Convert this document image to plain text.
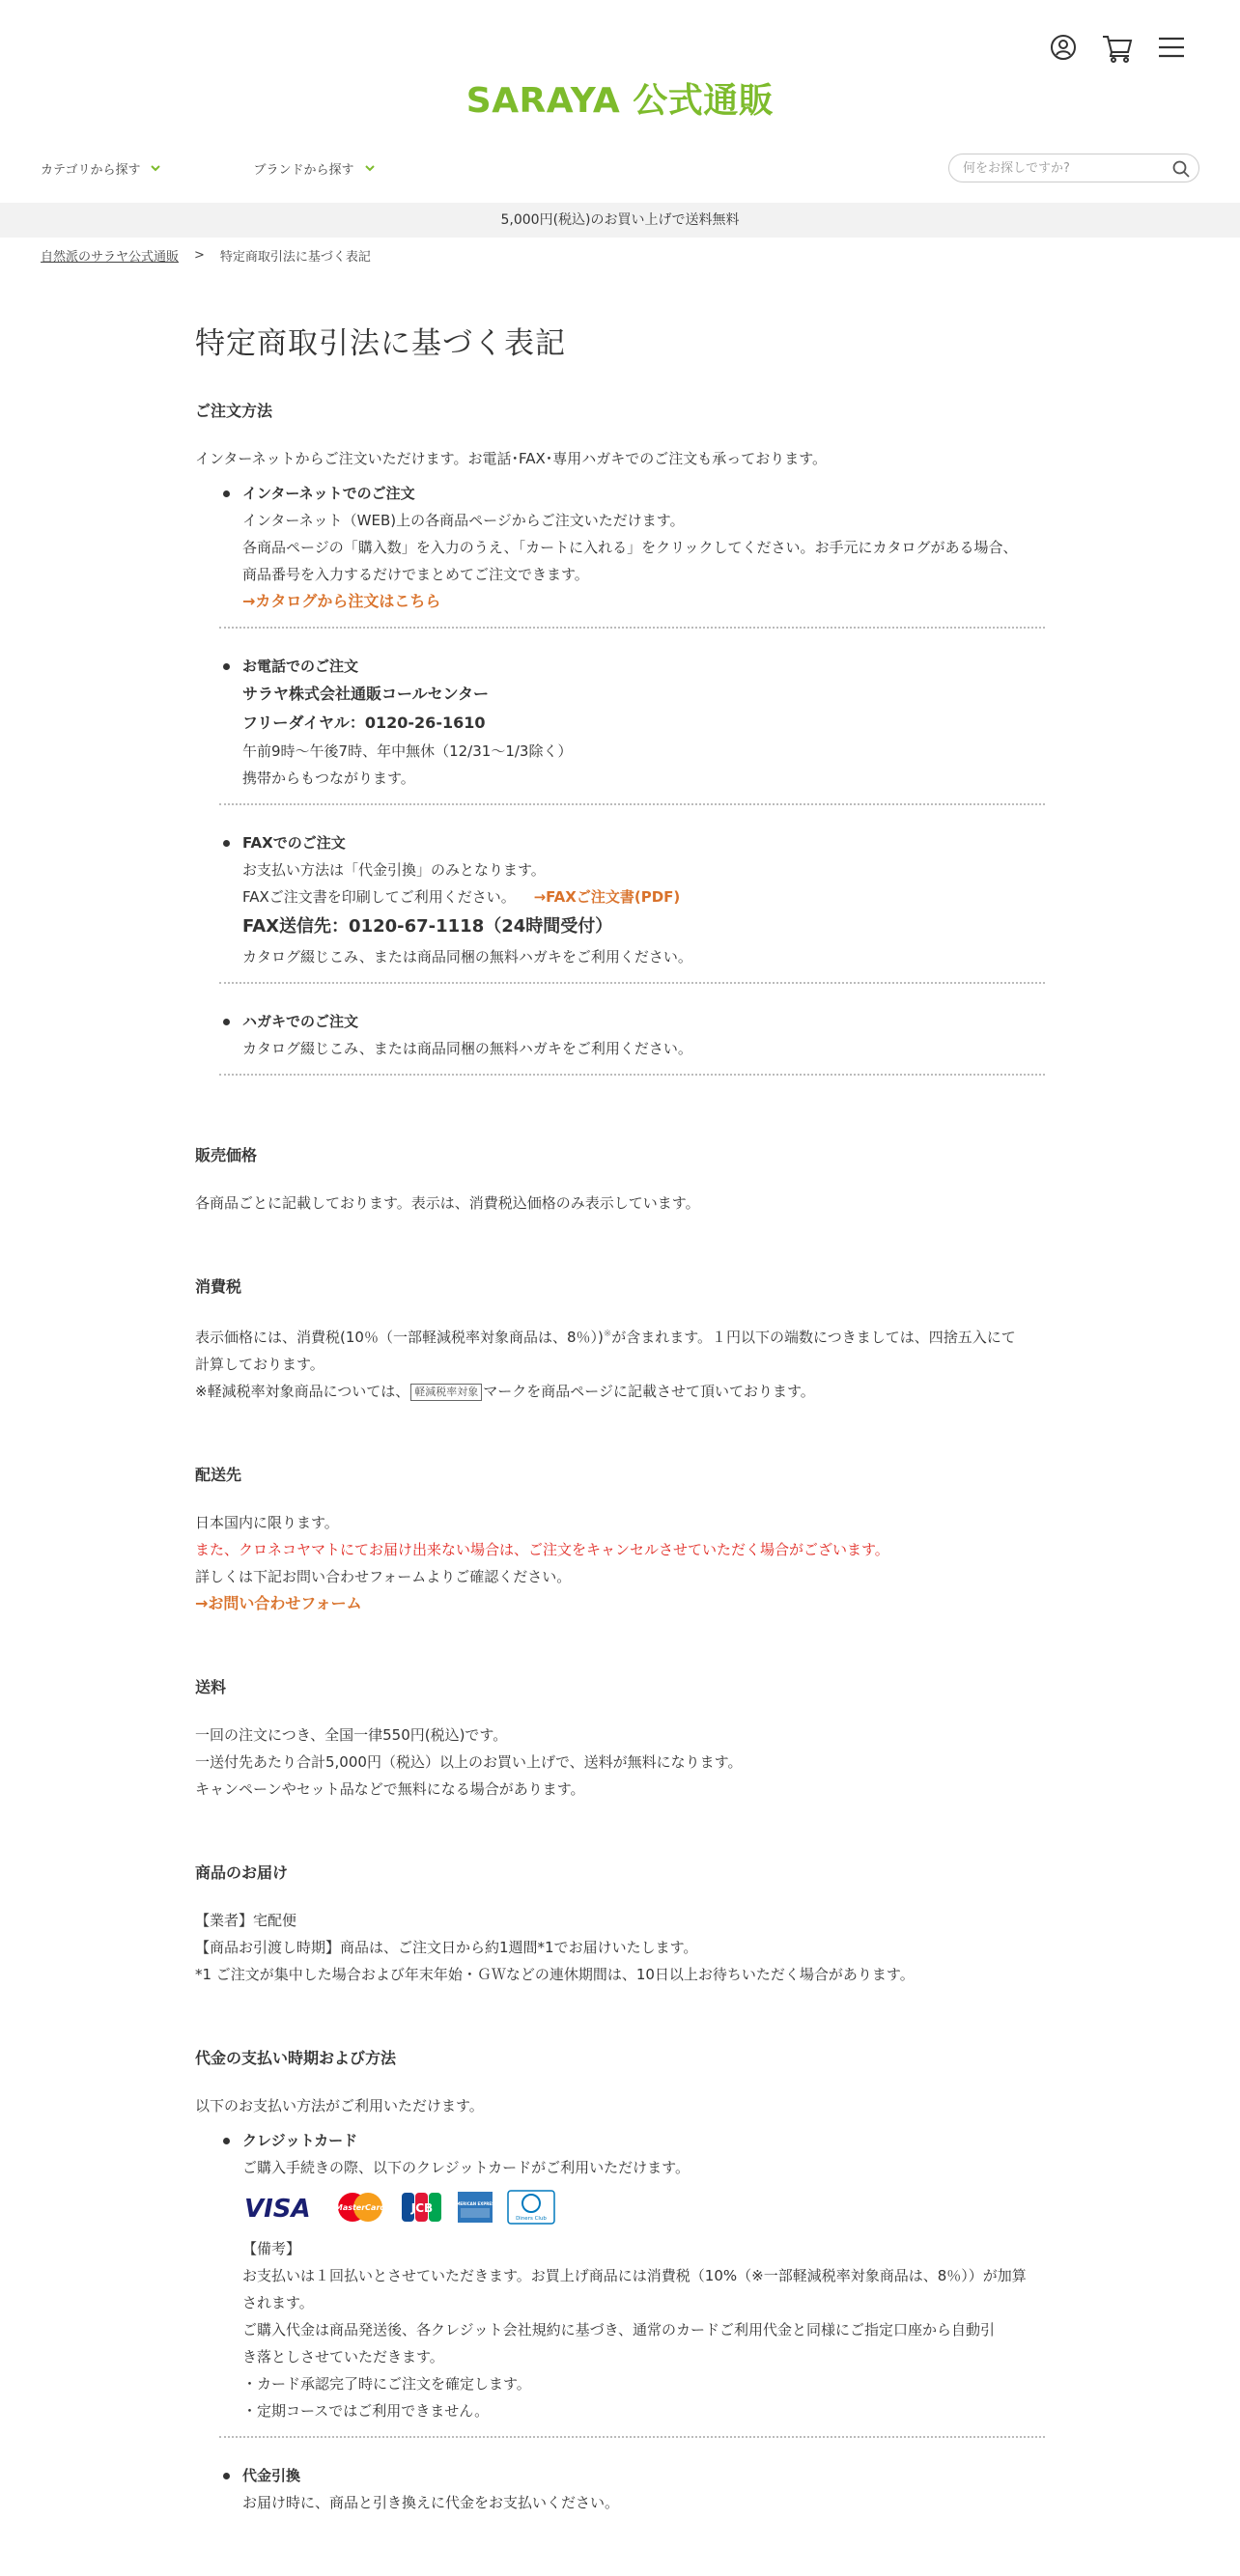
SARAYA 公式通販
カテゴリから探す	ブランドから探す
何をお探しですか?
5,000円(税込)のお買い上げで送料無料
自然派のサラヤ公式通販 > 特定商取引法に基づく表記
特定商取引法に基づく表記
ご注文方法

インターネットからご注文いただけます。お電話･FAX･専用ハガキでのご注文も承っております。

インターネットでのご注文
インターネット（WEB)上の各商品ページからご注文いただけます。
各商品ページの「購入数」を入力のうえ、「カートに入れる」をクリックしてください。お手元にカタログがある場合、
商品番号を入力するだけでまとめてご注文できます。
→カタログから注文はこちら
お電話でのご注文
サラヤ株式会社通販コールセンター
フリーダイヤル：0120-26-1610
午前9時～午後7時、年中無休（12/31～1/3除く）
携帯からもつながります。
FAXでのご注文
お支払い方法は「代金引換」のみとなります。
FAXご注文書を印刷してご利用ください。 →FAXご注文書(PDF)
FAX送信先：0120-67-1118（24時間受付）
カタログ綴じこみ、または商品同梱の無料ハガキをご利用ください。
ハガキでのご注文
カタログ綴じこみ、または商品同梱の無料ハガキをご利用ください。
販売価格

各商品ごとに記載しております。表示は、消費税込価格のみ表示しています。

消費税

表示価格には、消費税(10％（一部軽減税率対象商品は、8％）)※が含まれます。１円以下の端数につきましては、四捨五入にて

計算しております。

※軽減税率対象商品については、 軽減税率対象 マークを商品ページに記載させて頂いております。

配送先

日本国内に限ります。

また、クロネコヤマトにてお届け出来ない場合は、ご注文をキャンセルさせていただく場合がございます。

詳しくは下記お問い合わせフォームよりご確認ください。

→お問い合わせフォーム

送料

一回の注文につき、全国一律550円(税込)です。

一送付先あたり合計5,000円（税込）以上のお買い上げで、送料が無料になります。

キャンペーンやセット品などで無料になる場合があります。

商品のお届け

【業者】宅配便

【商品お引渡し時期】商品は、ご注文日から約1週間*1でお届けいたします。

*1 ご注文が集中した場合および年末年始・ＧＷなどの連休期間は、10日以上お待ちいただく場合があります。

代金の支払い時期および方法

以下のお支払い方法がご利用いただけます。

クレジットカード
ご購入手続きの際、以下のクレジットカードがご利用いただけます。
VISA	MasterCard JCB	AMERICAN EXPRESS
Diners Club
【備考】
お支払いは１回払いとさせていただきます。お買上げ商品には消費税（10%（※一部軽減税率対象商品は、8％））が加算
されます。
ご購入代金は商品発送後、各クレジット会社規約に基づき、通常のカードご利用代金と同様にご指定口座から自動引
き落としさせていただきます。
・カード承認完了時にご注文を確定します。
・定期コースではご利用できません。
代金引換
お届け時に、商品と引き換えに代金をお支払いください。
